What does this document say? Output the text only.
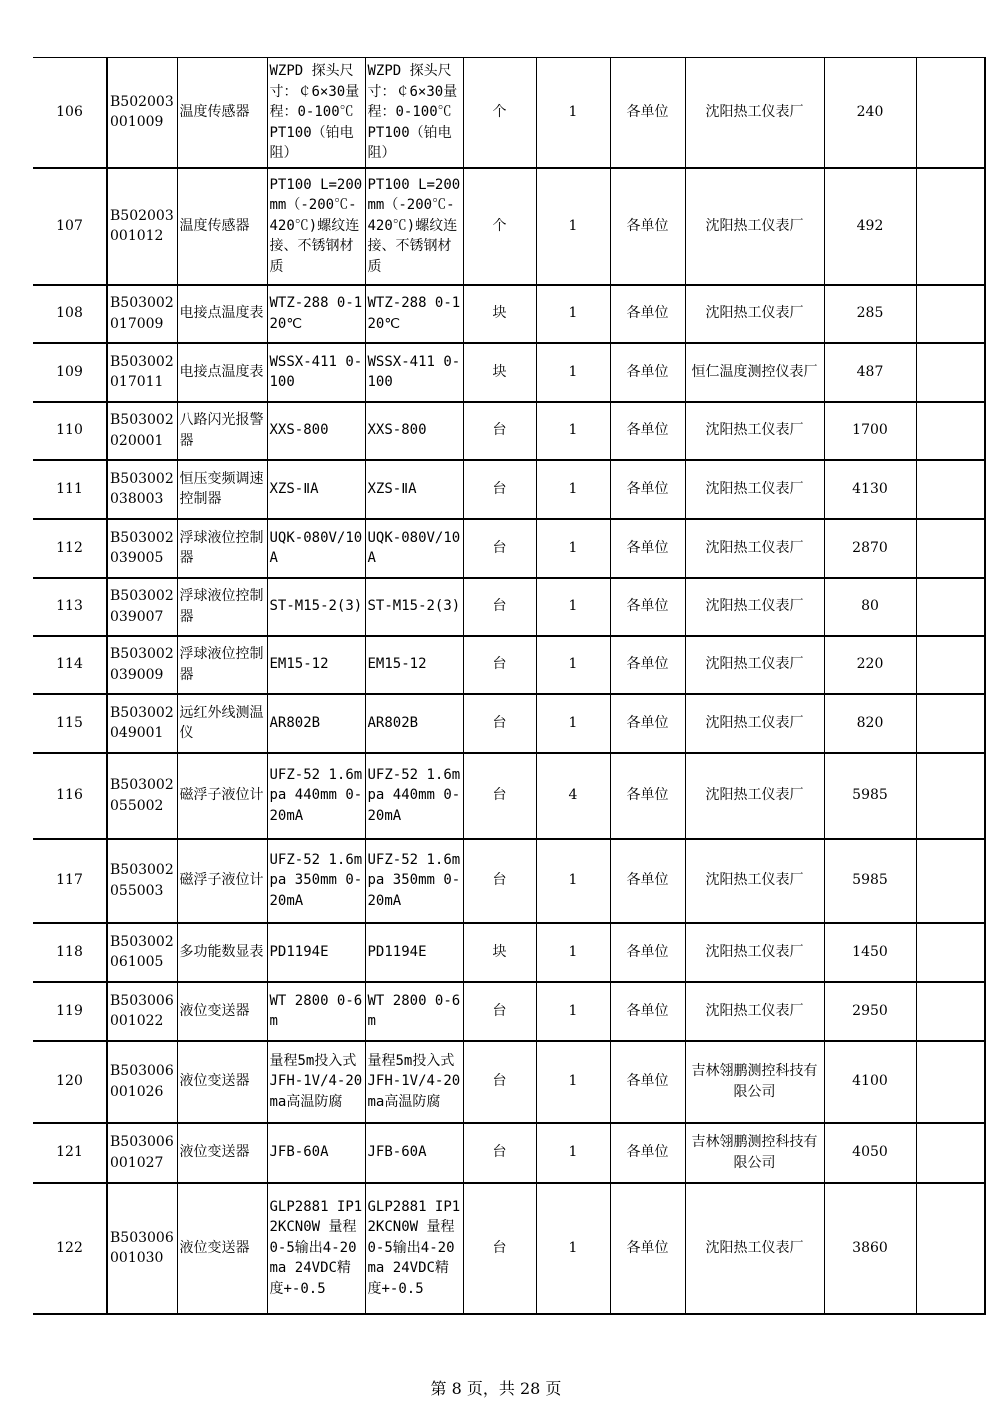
106	B502003001009	温度传感器	WZPD 探头尺寸：￠6×30量程：0-100℃ PT100（铂电阻）	WZPD 探头尺寸：￠6×30量程：0-100℃ PT100（铂电阻）	个	1	各单位	沈阳热工仪表厂	240	
107	B502003001012	温度传感器	PT100 L=200mm（-200℃-420℃)螺纹连接、不锈钢材质	PT100 L=200mm（-200℃-420℃)螺纹连接、不锈钢材质	个	1	各单位	沈阳热工仪表厂	492	
108	B503002017009	电接点温度表	WTZ-288 0-120℃	WTZ-288 0-120℃	块	1	各单位	沈阳热工仪表厂	285	
109	B503002017011	电接点温度表	WSSX-411 0-100	WSSX-411 0-100	块	1	各单位	恒仁温度测控仪表厂	487	
110	B503002020001	八路闪光报警器	XXS-800	XXS-800	台	1	各单位	沈阳热工仪表厂	1700	
111	B503002038003	恒压变频调速控制器	XZS-ⅡA	XZS-ⅡA	台	1	各单位	沈阳热工仪表厂	4130	
112	B503002039005	浮球液位控制器	UQK-080V/10A	UQK-080V/10A	台	1	各单位	沈阳热工仪表厂	2870	
113	B503002039007	浮球液位控制器	ST-M15-2(3)	ST-M15-2(3)	台	1	各单位	沈阳热工仪表厂	80	
114	B503002039009	浮球液位控制器	EM15-12	EM15-12	台	1	各单位	沈阳热工仪表厂	220	
115	B503002049001	远红外线测温仪	AR802B	AR802B	台	1	各单位	沈阳热工仪表厂	820	
116	B503002055002	磁浮子液位计	UFZ-52 1.6mpa 440mm 0-20mA	UFZ-52 1.6mpa 440mm 0-20mA	台	4	各单位	沈阳热工仪表厂	5985	
117	B503002055003	磁浮子液位计	UFZ-52 1.6mpa 350mm 0-20mA	UFZ-52 1.6mpa 350mm 0-20mA	台	1	各单位	沈阳热工仪表厂	5985	
118	B503002061005	多功能数显表	PD1194E	PD1194E	块	1	各单位	沈阳热工仪表厂	1450	
119	B503006001022	液位变送器	WT 2800 0-6m	WT 2800 0-6m	台	1	各单位	沈阳热工仪表厂	2950	
120	B503006001026	液位变送器	量程5m投入式 JFH-1V/4-20ma高温防腐	量程5m投入式 JFH-1V/4-20ma高温防腐	台	1	各单位	吉林翎鹏测控科技有限公司	4100	
121	B503006001027	液位变送器	JFB-60A	JFB-60A	台	1	各单位	吉林翎鹏测控科技有限公司	4050	
122	B503006001030	液位变送器	GLP2881 IP12KCN0W 量程0-5输出4-20ma 24VDC精度+-0.5	GLP2881 IP12KCN0W 量程0-5输出4-20ma 24VDC精度+-0.5	台	1	各单位	沈阳热工仪表厂	3860	
第 8 页，共 28 页
